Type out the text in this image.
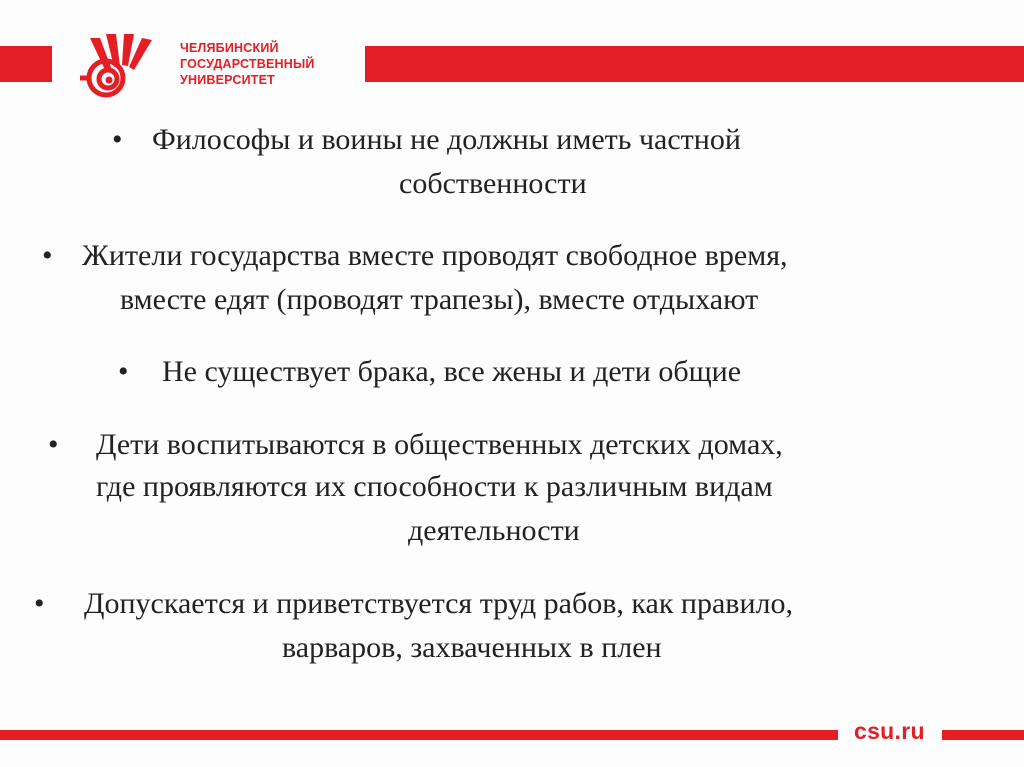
ЧЕЛЯБИНСКИЙ
ГОСУДАРСТВЕННЫЙ
УНИВЕРСИТЕТ
• Философы и воины не должны иметь частной
собственности
• Жители государства вместе проводят свободное время,
вместе едят (проводят трапезы), вместе отдыхают
• Не существует брака, все жены и дети общие
• Дети воспитываются в общественных детских домах,
где проявляются их способности к различным видам
деятельности
• Допускается и приветствуется труд рабов, как правило,
варваров, захваченных в плен
csu.ru
